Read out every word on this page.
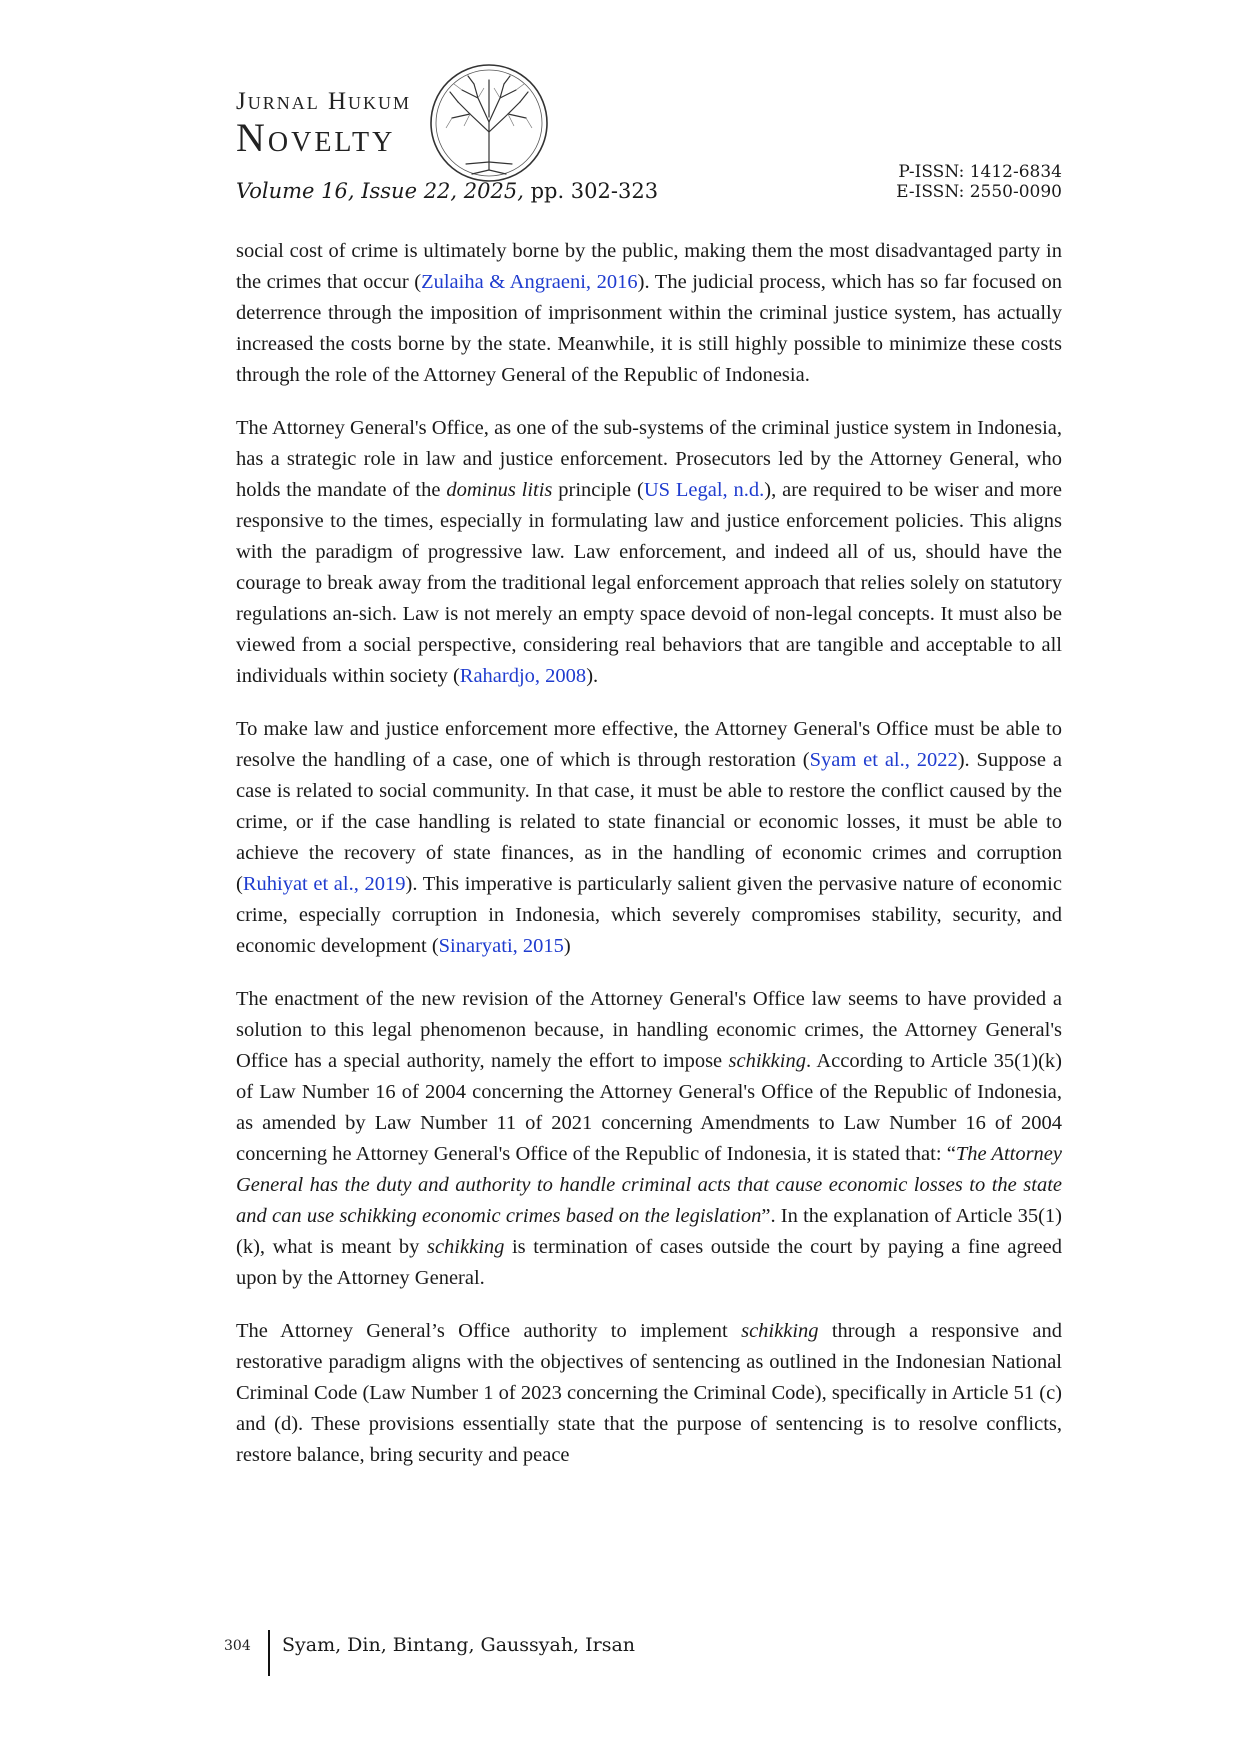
Jurnal Hukum
Novelty
Volume 16, Issue 22, 2025, pp. 302-323
P-ISSN: 1412-6834
E-ISSN: 2550-0090

social cost of crime is ultimately borne by the public, making them the most disadvantaged party in the crimes that occur (Zulaiha & Angraeni, 2016). The judicial process, which has so far focused on deterrence through the imposition of imprisonment within the criminal justice system, has actually increased the costs borne by the state. Meanwhile, it is still highly possible to minimize these costs through the role of the Attorney General of the Republic of Indonesia.

The Attorney General's Office, as one of the sub-systems of the criminal justice system in Indonesia, has a strategic role in law and justice enforcement. Prosecutors led by the Attorney General, who holds the mandate of the dominus litis principle (US Legal, n.d.), are required to be wiser and more responsive to the times, especially in formulating law and justice enforcement policies. This aligns with the paradigm of progressive law. Law enforcement, and indeed all of us, should have the courage to break away from the traditional legal enforcement approach that relies solely on statutory regulations an-sich. Law is not merely an empty space devoid of non-legal concepts. It must also be viewed from a social perspective, considering real behaviors that are tangible and acceptable to all individuals within society (Rahardjo, 2008).

To make law and justice enforcement more effective, the Attorney General's Office must be able to resolve the handling of a case, one of which is through restoration (Syam et al., 2022). Suppose a case is related to social community. In that case, it must be able to restore the conflict caused by the crime, or if the case handling is related to state financial or economic losses, it must be able to achieve the recovery of state finances, as in the handling of economic crimes and corruption (Ruhiyat et al., 2019). This imperative is particularly salient given the pervasive nature of economic crime, especially corruption in Indonesia, which severely compromises stability, security, and economic development (Sinaryati, 2015)

The enactment of the new revision of the Attorney General's Office law seems to have provided a solution to this legal phenomenon because, in handling economic crimes, the Attorney General's Office has a special authority, namely the effort to impose schikking. According to Article 35(1)(k) of Law Number 16 of 2004 concerning the Attorney General's Office of the Republic of Indonesia, as amended by Law Number 11 of 2021 concerning Amendments to Law Number 16 of 2004 concerning he Attorney General's Office of the Republic of Indonesia, it is stated that: “The Attorney General has the duty and authority to handle criminal acts that cause economic losses to the state and can use schikking economic crimes based on the legislation”. In the explanation of Article 35(1)(k), what is meant by schikking is termination of cases outside the court by paying a fine agreed upon by the Attorney General.

The Attorney General’s Office authority to implement schikking through a responsive and restorative paradigm aligns with the objectives of sentencing as outlined in the Indonesian National Criminal Code (Law Number 1 of 2023 concerning the Criminal Code), specifically in Article 51 (c) and (d). These provisions essentially state that the purpose of sentencing is to resolve conflicts, restore balance, bring security and peace

304 Syam, Din, Bintang, Gaussyah, Irsan
